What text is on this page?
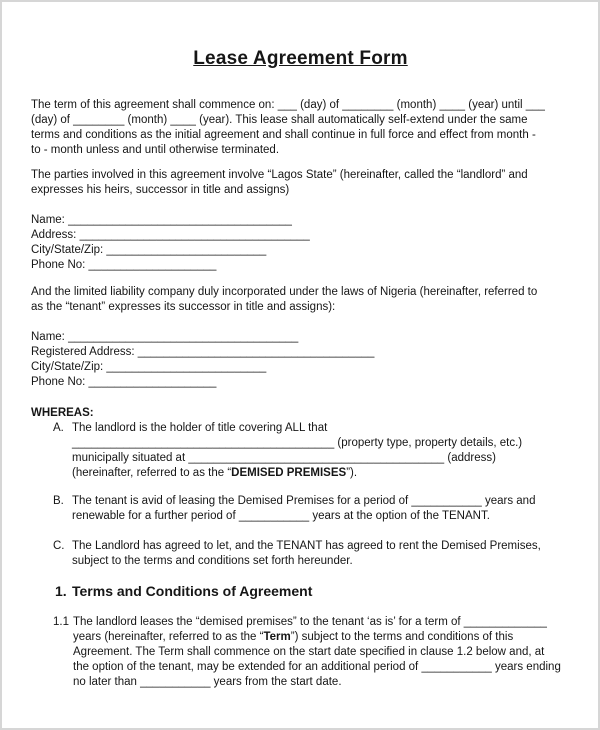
Lease Agreement Form
The term of this agreement shall commence on: ___ (day) of ________ (month) ____ (year) until ___
(day) of ________ (month) ____ (year). This lease shall automatically self-extend under the same
terms and conditions as the initial agreement and shall continue in full force and effect from month -
to - month unless and until otherwise terminated.
The parties involved in this agreement involve “Lagos State” (hereinafter, called the “landlord” and
expresses his heirs, successor in title and assigns)
Name: ___________________________________
Address: ____________________________________
City/State/Zip: _________________________
Phone No: ____________________
And the limited liability company duly incorporated under the laws of Nigeria (hereinafter, referred to
as the “tenant” expresses its successor in title and assigns):
Name: ____________________________________
Registered Address: _____________________________________
City/State/Zip: _________________________
Phone No: ____________________
WHEREAS:
A. The landlord is the holder of title covering ALL that
_________________________________________ (property type, property details, etc.)
municipally situated at ________________________________________ (address)
(hereinafter, referred to as the “DEMISED PREMISES”).
B. The tenant is avid of leasing the Demised Premises for a period of ___________ years and
renewable for a further period of ___________ years at the option of the TENANT.
C. The Landlord has agreed to let, and the TENANT has agreed to rent the Demised Premises,
subject to the terms and conditions set forth hereunder.
1. Terms and Conditions of Agreement
1.1 The landlord leases the “demised premises” to the tenant ‘as is’ for a term of _____________
years (hereinafter, referred to as the “Term”) subject to the terms and conditions of this
Agreement. The Term shall commence on the start date specified in clause 1.2 below and, at
the option of the tenant, may be extended for an additional period of ___________ years ending
no later than ___________ years from the start date.
